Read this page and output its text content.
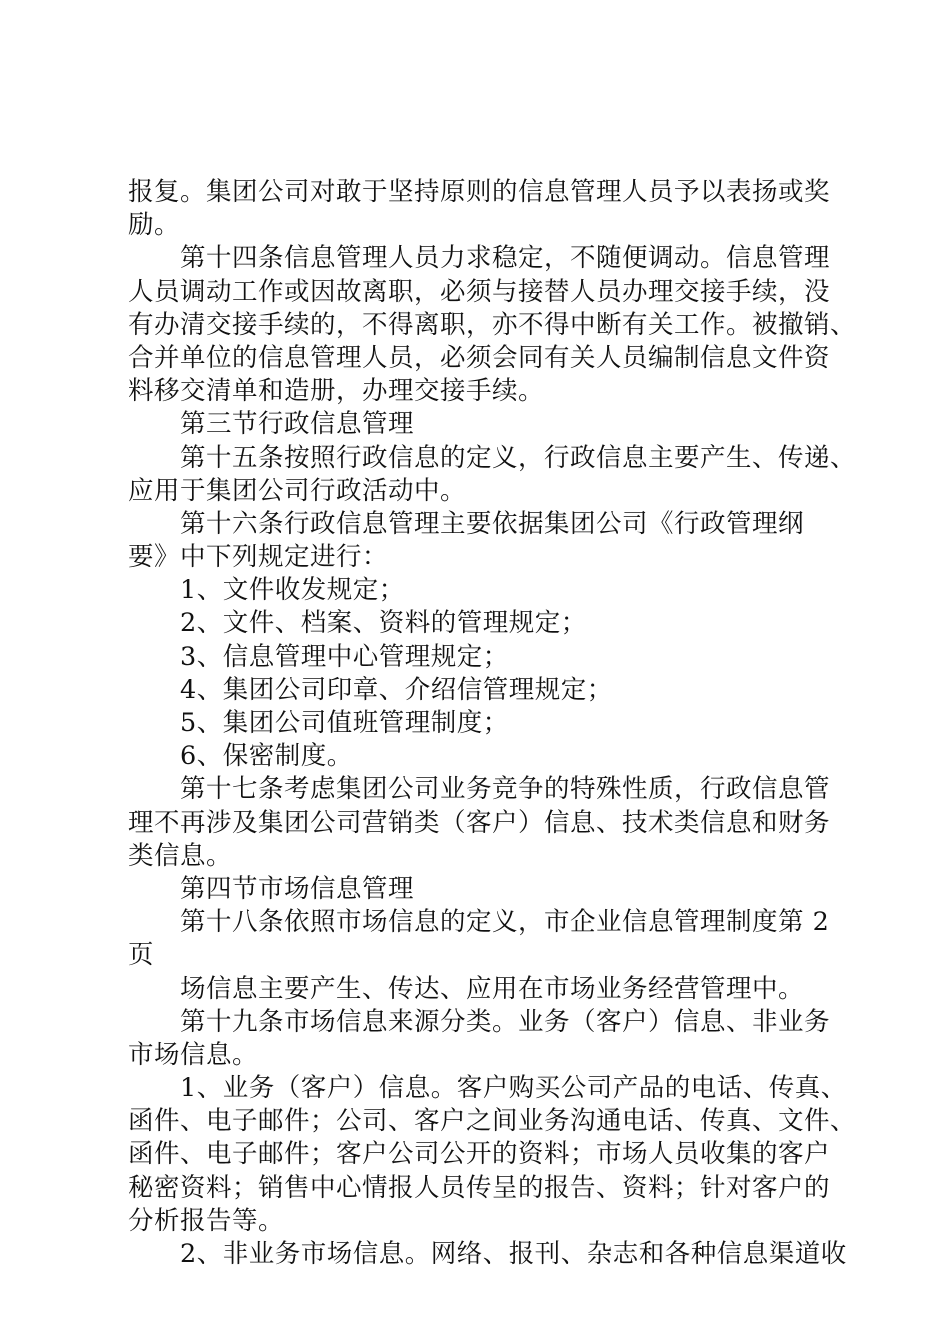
报复。集团公司对敢于坚持原则的信息管理人员予以表扬或奖
励。
第十四条信息管理人员力求稳定，不随便调动。信息管理
人员调动工作或因故离职，必须与接替人员办理交接手续，没
有办清交接手续的，不得离职，亦不得中断有关工作。被撤销、
合并单位的信息管理人员，必须会同有关人员编制信息文件资
料移交清单和造册，办理交接手续。
第三节行政信息管理
第十五条按照行政信息的定义，行政信息主要产生、传递、
应用于集团公司行政活动中。
第十六条行政信息管理主要依据集团公司《行政管理纲
要》中下列规定进行：
1、文件收发规定；
2、文件、档案、资料的管理规定；
3、信息管理中心管理规定；
4、集团公司印章、介绍信管理规定；
5、集团公司值班管理制度；
6、保密制度。
第十七条考虑集团公司业务竞争的特殊性质，行政信息管
理不再涉及集团公司营销类（客户）信息、技术类信息和财务
类信息。
第四节市场信息管理
第十八条依照市场信息的定义，市企业信息管理制度第 2
页
场信息主要产生、传达、应用在市场业务经营管理中。
第十九条市场信息来源分类。业务（客户）信息、非业务
市场信息。
1、业务（客户）信息。客户购买公司产品的电话、传真、
函件、电子邮件；公司、客户之间业务沟通电话、传真、文件、
函件、电子邮件；客户公司公开的资料；市场人员收集的客户
秘密资料；销售中心情报人员传呈的报告、资料；针对客户的
分析报告等。
2、非业务市场信息。网络、报刊、杂志和各种信息渠道收
